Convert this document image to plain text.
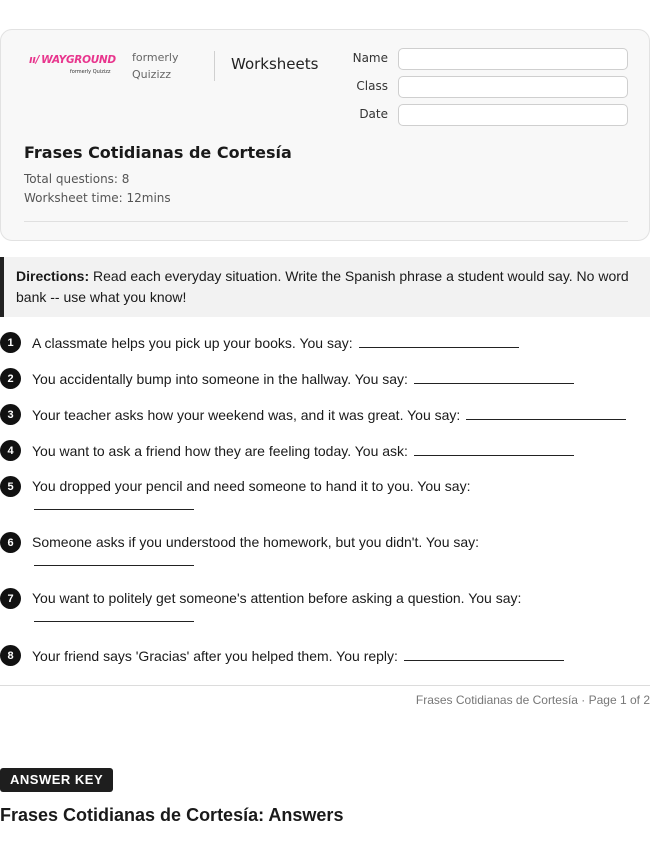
ıı/ WAYGROUND
formerly Quizizz
formerly Quizizz
Worksheets	Name
Class
Date
Frases Cotidianas de Cortesía
Total questions: 8
Worksheet time: 12mins
Directions: Read each everyday situation. Write the Spanish phrase a student would say. No word bank -- use what you know!
1	A classmate helps you pick up your books. You say:
2	You accidentally bump into someone in the hallway. You say:
3	Your teacher asks how your weekend was, and it was great. You say:
4	You want to ask a friend how they are feeling today. You ask:
5	You dropped your pencil and need someone to hand it to you. You say:
6	Someone asks if you understood the homework, but you didn't. You say:
7	You want to politely get someone's attention before asking a question. You say:
8	Your friend says 'Gracias' after you helped them. You reply:
Frases Cotidianas de Cortesía · Page 1 of 2
ANSWER KEY
Frases Cotidianas de Cortesía: Answers
